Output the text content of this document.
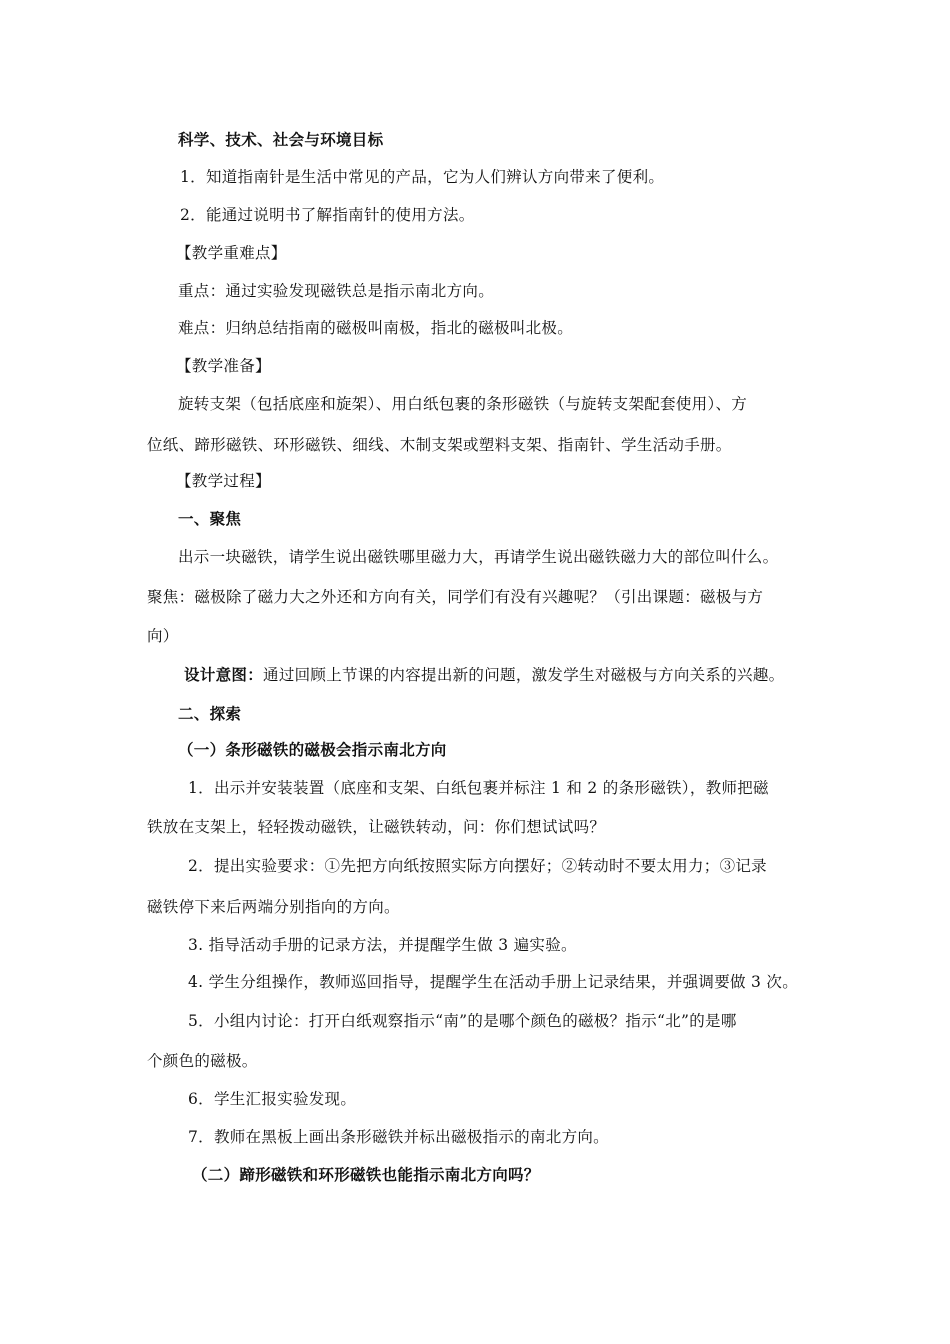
科学、技术、社会与环境目标
1．知道指南针是生活中常见的产品，它为人们辨认方向带来了便利。
2．能通过说明书了解指南针的使用方法。
【教学重难点】
重点：通过实验发现磁铁总是指示南北方向。
难点：归纳总结指南的磁极叫南极，指北的磁极叫北极。
【教学准备】
旋转支架（包括底座和旋架）、用白纸包裹的条形磁铁（与旋转支架配套使用）、方
位纸、蹄形磁铁、环形磁铁、细线、木制支架或塑料支架、指南针、学生活动手册。
【教学过程】
一、聚焦
出示一块磁铁，请学生说出磁铁哪里磁力大，再请学生说出磁铁磁力大的部位叫什么。
聚焦：磁极除了磁力大之外还和方向有关，同学们有没有兴趣呢？（引出课题：磁极与方
向）
设计意图：通过回顾上节课的内容提出新的问题，激发学生对磁极与方向关系的兴趣。
二、探索
（一）条形磁铁的磁极会指示南北方向
1．出示并安装装置（底座和支架、白纸包裹并标注 1 和 2 的条形磁铁），教师把磁
铁放在支架上，轻轻拨动磁铁，让磁铁转动，问：你们想试试吗？
2．提出实验要求：①先把方向纸按照实际方向摆好；②转动时不要太用力；③记录
磁铁停下来后两端分别指向的方向。
3. 指导活动手册的记录方法，并提醒学生做 3 遍实验。
4. 学生分组操作，教师巡回指导，提醒学生在活动手册上记录结果，并强调要做 3 次。
5．小组内讨论：打开白纸观察指示“南”的是哪个颜色的磁极？指示“北”的是哪
个颜色的磁极。
6．学生汇报实验发现。
7．教师在黑板上画出条形磁铁并标出磁极指示的南北方向。
（二）蹄形磁铁和环形磁铁也能指示南北方向吗？
